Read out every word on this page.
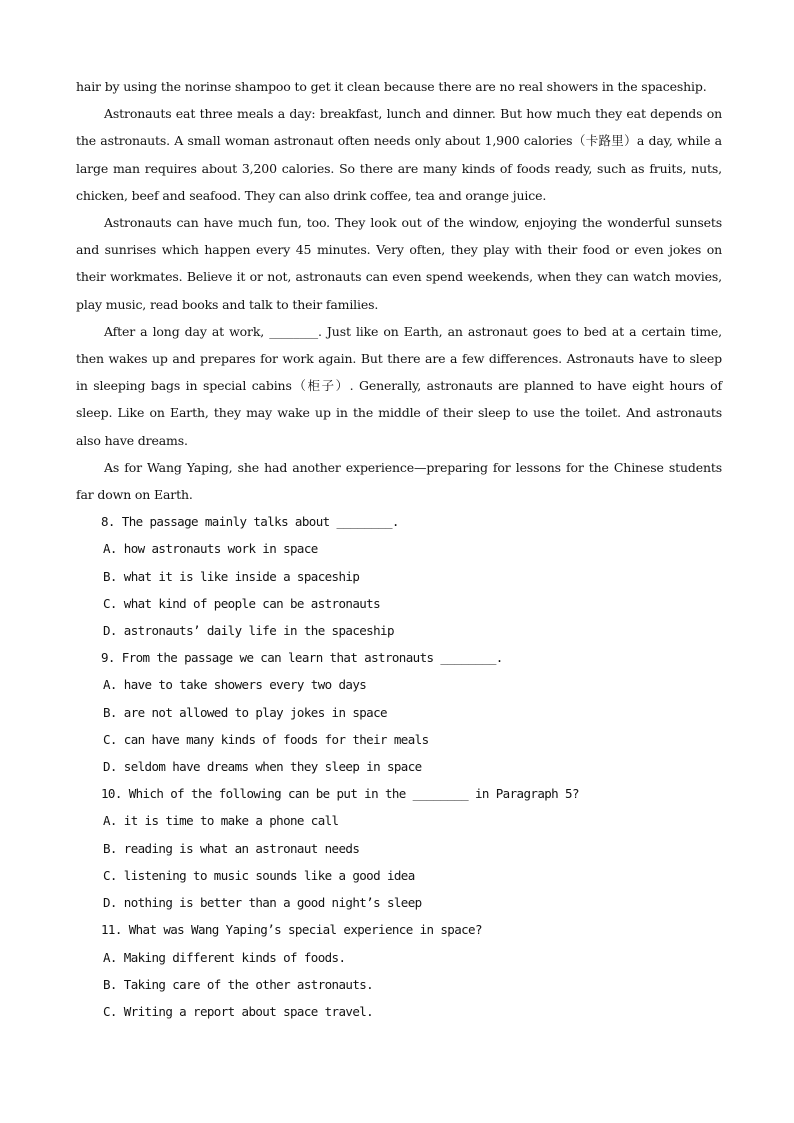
hair by using the norinse shampoo to get it clean because there are no real showers in the spaceship.

Astronauts eat three meals a day: breakfast, lunch and dinner. But how much they eat depends on the astronauts. A small woman astronaut often needs only about 1,900 calories（卡路里）a day, while a large man requires about 3,200 calories. So there are many kinds of foods ready, such as fruits, nuts, chicken, beef and seafood. They can also drink coffee, tea and orange juice.

Astronauts can have much fun, too. They look out of the window, enjoying the wonderful sunsets and sunrises which happen every 45 minutes. Very often, they play with their food or even jokes on their workmates. Believe it or not, astronauts can even spend weekends, when they can watch movies, play music, read books and talk to their families.

After a long day at work, ________. Just like on Earth, an astronaut goes to bed at a certain time, then wakes up and prepares for work again. But there are a few differences. Astronauts have to sleep in sleeping bags in special cabins（柜子）. Generally, astronauts are planned to have eight hours of sleep. Like on Earth, they may wake up in the middle of their sleep to use the toilet. And astronauts also have dreams.

As for Wang Yaping, she had another experience—preparing for lessons for the Chinese students far down on Earth.

8. The passage mainly talks about ________.

A. how astronauts work in space

B. what it is like inside a spaceship

C. what kind of people can be astronauts

D. astronauts’ daily life in the spaceship

9. From the passage we can learn that astronauts ________.

A. have to take showers every two days

B. are not allowed to play jokes in space

C. can have many kinds of foods for their meals

D. seldom have dreams when they sleep in space

10. Which of the following can be put in the ________ in Paragraph 5?

A. it is time to make a phone call

B. reading is what an astronaut needs

C. listening to music sounds like a good idea

D. nothing is better than a good night’s sleep

11. What was Wang Yaping’s special experience in space?

A. Making different kinds of foods.

B. Taking care of the other astronauts.

C. Writing a report about space travel.
